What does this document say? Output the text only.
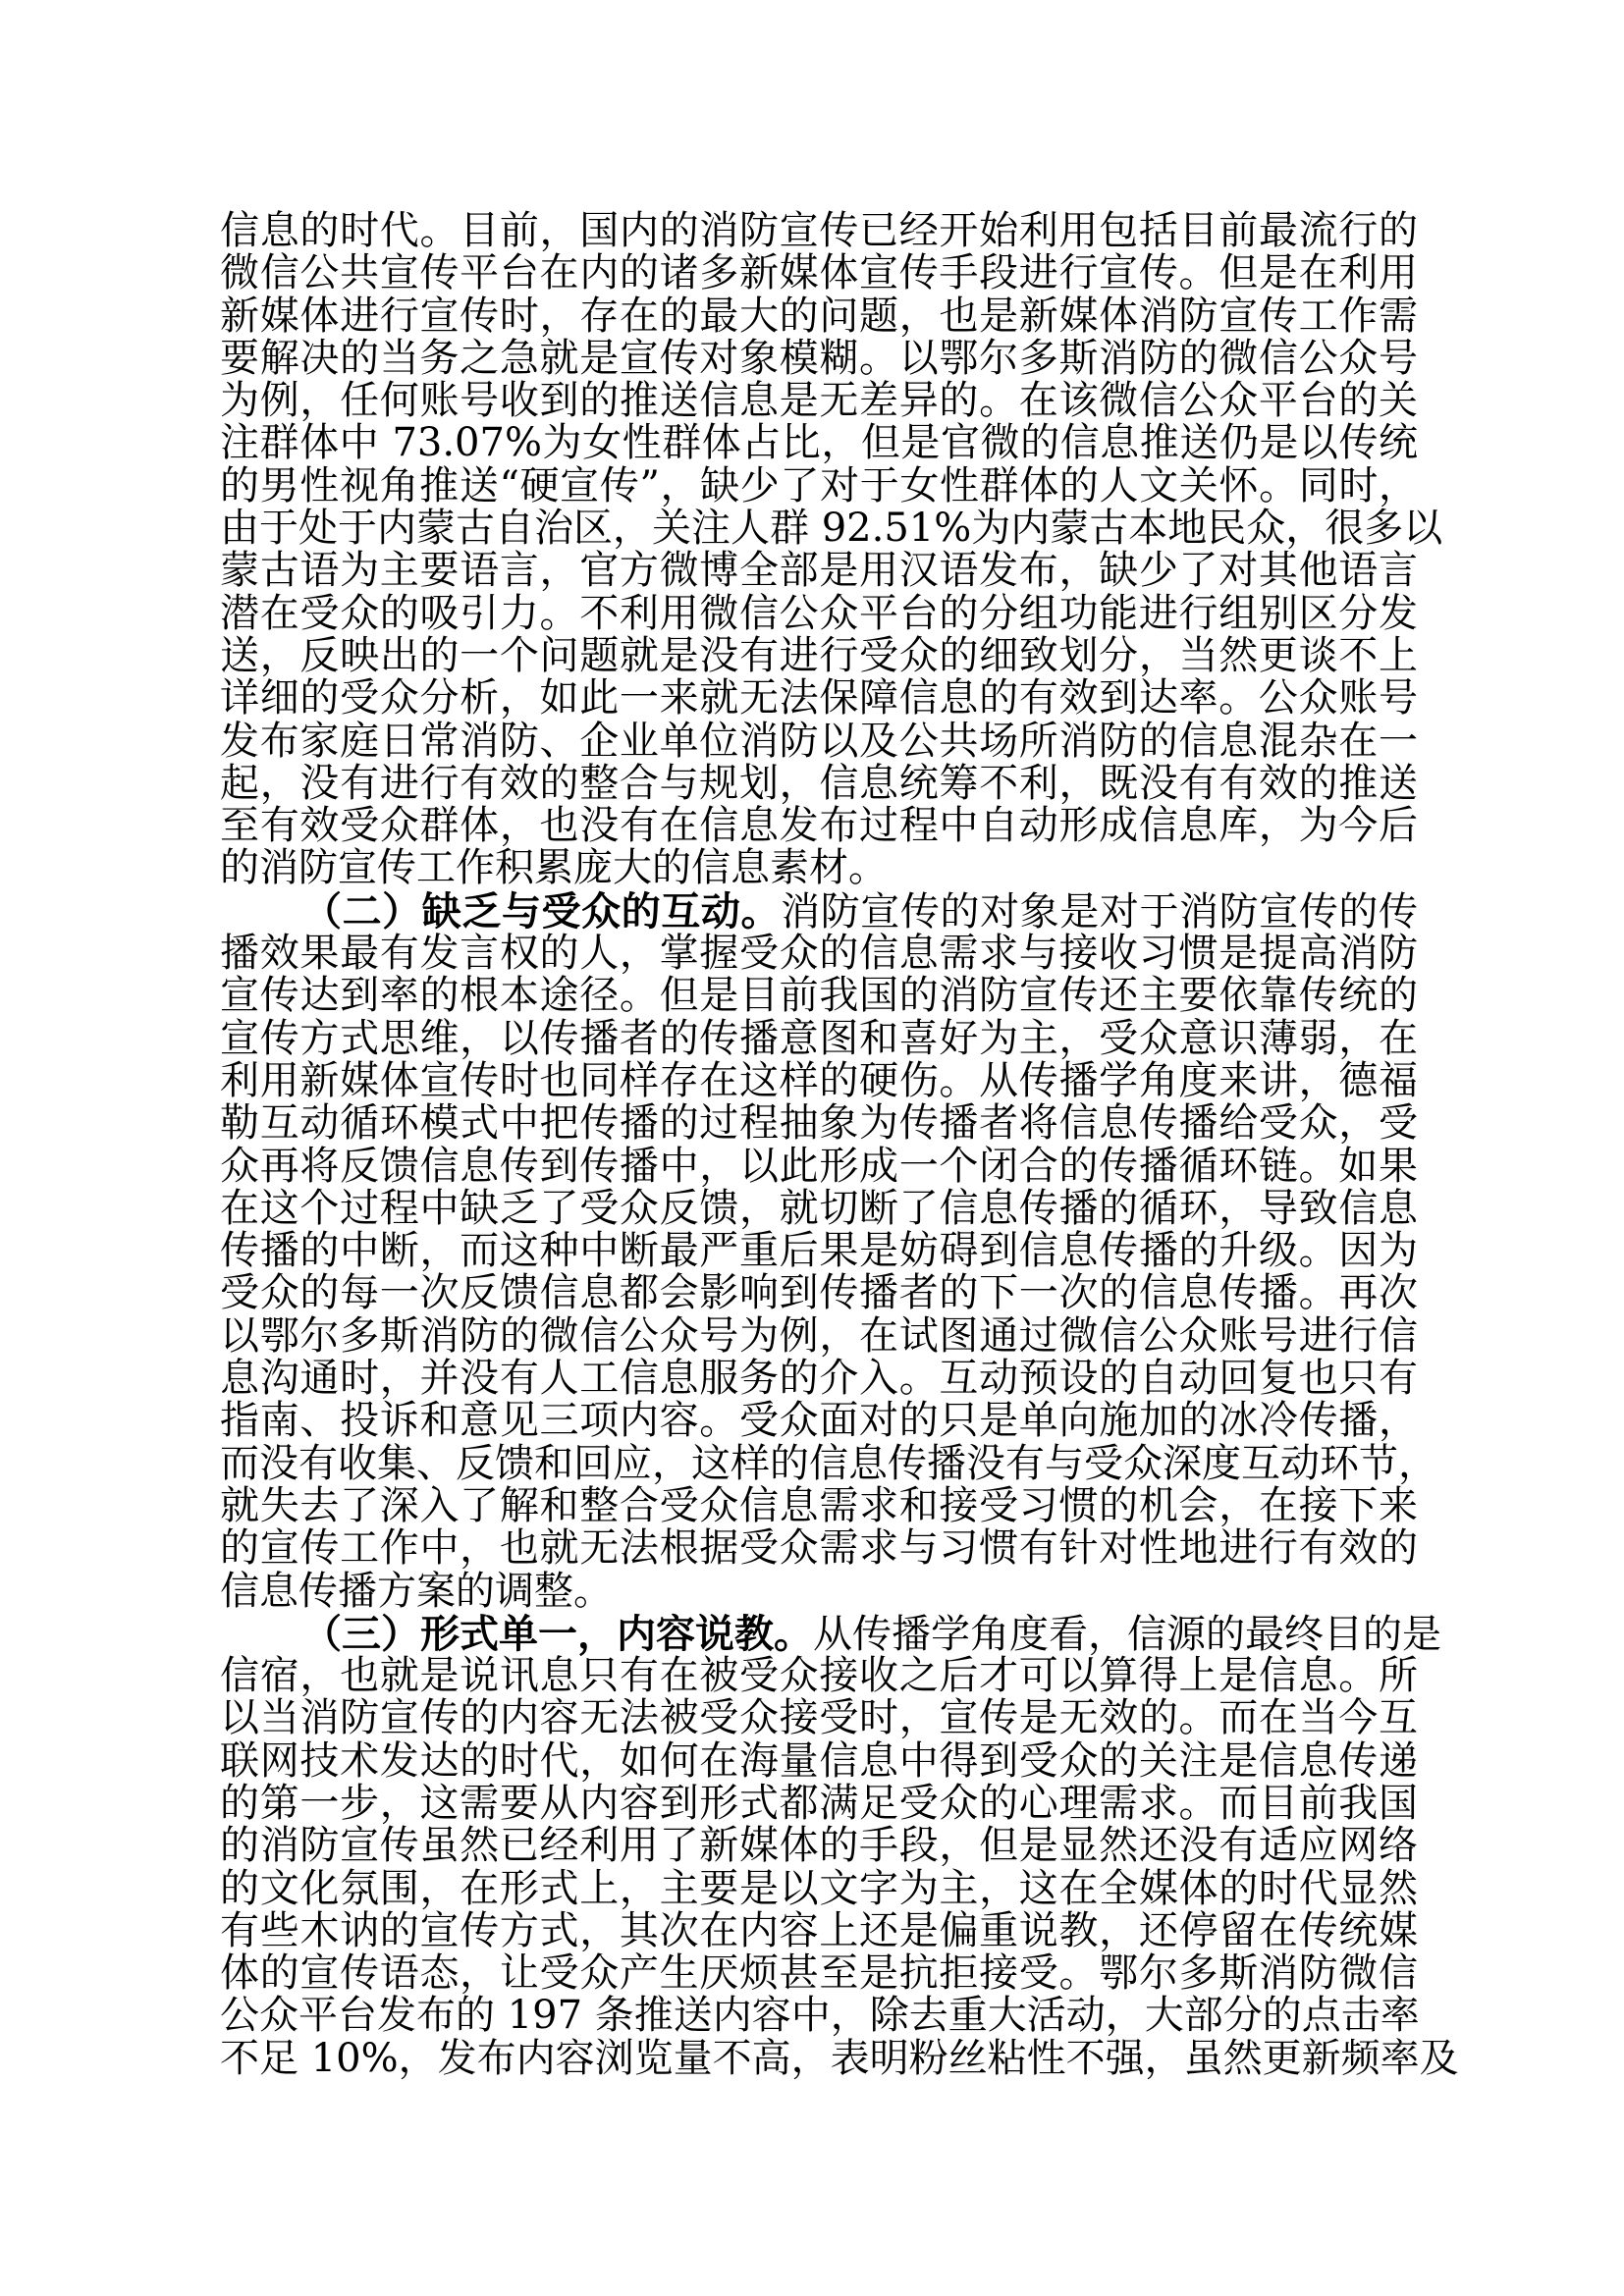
信息的时代。目前，国内的消防宣传已经开始利用包括目前最流行的
微信公共宣传平台在内的诸多新媒体宣传手段进行宣传。但是在利用
新媒体进行宣传时，存在的最大的问题，也是新媒体消防宣传工作需
要解决的当务之急就是宣传对象模糊。以鄂尔多斯消防的微信公众号
为例，任何账号收到的推送信息是无差异的。在该微信公众平台的关
注群体中 73.07%为女性群体占比，但是官微的信息推送仍是以传统
的男性视角推送“硬宣传”，缺少了对于女性群体的人文关怀。同时，
由于处于内蒙古自治区，关注人群 92.51%为内蒙古本地民众，很多以
蒙古语为主要语言，官方微博全部是用汉语发布，缺少了对其他语言
潜在受众的吸引力。不利用微信公众平台的分组功能进行组别区分发
送，反映出的一个问题就是没有进行受众的细致划分，当然更谈不上
详细的受众分析，如此一来就无法保障信息的有效到达率。公众账号
发布家庭日常消防、企业单位消防以及公共场所消防的信息混杂在一
起，没有进行有效的整合与规划，信息统筹不利，既没有有效的推送
至有效受众群体，也没有在信息发布过程中自动形成信息库，为今后
的消防宣传工作积累庞大的信息素材。
（二）缺乏与受众的互动。消防宣传的对象是对于消防宣传的传
播效果最有发言权的人，掌握受众的信息需求与接收习惯是提高消防
宣传达到率的根本途径。但是目前我国的消防宣传还主要依靠传统的
宣传方式思维，以传播者的传播意图和喜好为主，受众意识薄弱，在
利用新媒体宣传时也同样存在这样的硬伤。从传播学角度来讲，德福
勒互动循环模式中把传播的过程抽象为传播者将信息传播给受众，受
众再将反馈信息传到传播中，以此形成一个闭合的传播循环链。如果
在这个过程中缺乏了受众反馈，就切断了信息传播的循环，导致信息
传播的中断，而这种中断最严重后果是妨碍到信息传播的升级。因为
受众的每一次反馈信息都会影响到传播者的下一次的信息传播。再次
以鄂尔多斯消防的微信公众号为例，在试图通过微信公众账号进行信
息沟通时，并没有人工信息服务的介入。互动预设的自动回复也只有
指南、投诉和意见三项内容。受众面对的只是单向施加的冰冷传播，
而没有收集、反馈和回应，这样的信息传播没有与受众深度互动环节，
就失去了深入了解和整合受众信息需求和接受习惯的机会，在接下来
的宣传工作中，也就无法根据受众需求与习惯有针对性地进行有效的
信息传播方案的调整。
（三）形式单一，内容说教。从传播学角度看，信源的最终目的是
信宿，也就是说讯息只有在被受众接收之后才可以算得上是信息。所
以当消防宣传的内容无法被受众接受时，宣传是无效的。而在当今互
联网技术发达的时代，如何在海量信息中得到受众的关注是信息传递
的第一步，这需要从内容到形式都满足受众的心理需求。而目前我国
的消防宣传虽然已经利用了新媒体的手段，但是显然还没有适应网络
的文化氛围，在形式上，主要是以文字为主，这在全媒体的时代显然
有些木讷的宣传方式，其次在内容上还是偏重说教，还停留在传统媒
体的宣传语态，让受众产生厌烦甚至是抗拒接受。鄂尔多斯消防微信
公众平台发布的 197 条推送内容中，除去重大活动，大部分的点击率
不足 10%，发布内容浏览量不高，表明粉丝粘性不强，虽然更新频率及
